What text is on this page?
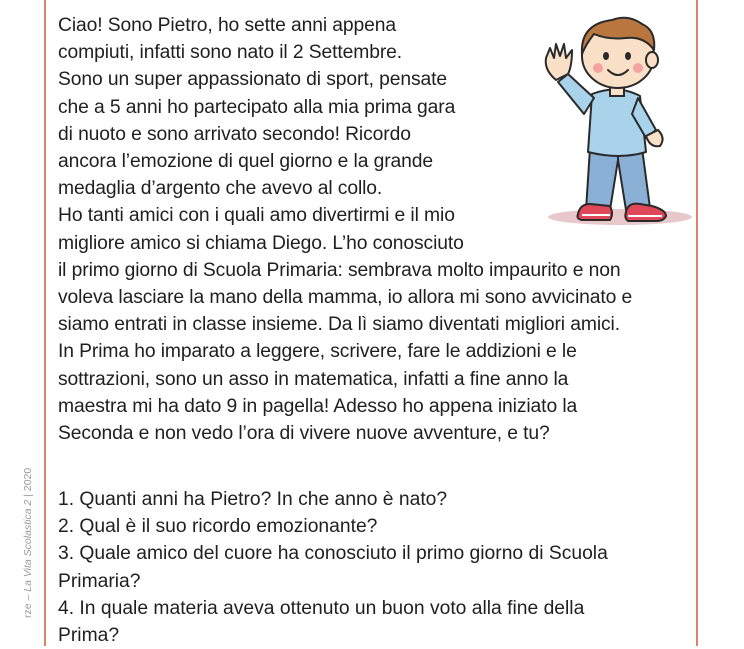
rze – La Vita Scolastica 2 | 2020
Ciao! Sono Pietro, ho sette anni appena
compiuti, infatti sono nato il 2 Settembre.
Sono un super appassionato di sport, pensate
che a 5 anni ho partecipato alla mia prima gara
di nuoto e sono arrivato secondo! Ricordo
ancora l’emozione di quel giorno e la grande
medaglia d’argento che avevo al collo.
Ho tanti amici con i quali amo divertirmi e il mio
migliore amico si chiama Diego. L’ho conosciuto
il primo giorno di Scuola Primaria: sembrava molto impaurito e non
voleva lasciare la mano della mamma, io allora mi sono avvicinato e
siamo entrati in classe insieme. Da lì siamo diventati migliori amici.
In Prima ho imparato a leggere, scrivere, fare le addizioni e le
sottrazioni, sono un asso in matematica, infatti a fine anno la
maestra mi ha dato 9 in pagella! Adesso ho appena iniziato la
Seconda e non vedo l’ora di vivere nuove avventure, e tu?
1. Quanti anni ha Pietro? In che anno è nato?
2. Qual è il suo ricordo emozionante?
3. Quale amico del cuore ha conosciuto il primo giorno di Scuola
Primaria?
4. In quale materia aveva ottenuto un buon voto alla fine della
Prima?
